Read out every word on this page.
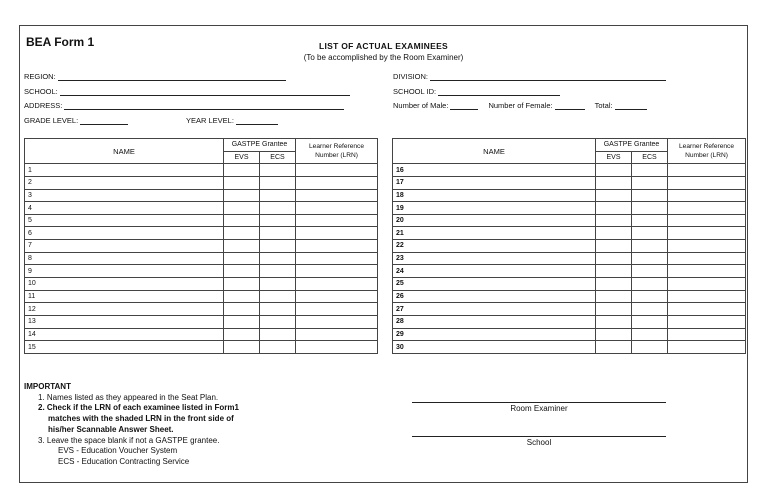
BEA Form 1	LIST OF ACTUAL EXAMINEES
(To be accomplished by the Room Examiner)
REGION:
SCHOOL:
ADDRESS:
GRADE LEVEL:	YEAR LEVEL:
DIVISION:
SCHOOL ID:
Number of Male:	Number of Female:	Total:
NAME	GASTPE Grantee		Learner Reference Number (LRN)
	EVS	ECS	
1			
2			
3			
4			
5			
6			
7			
8			
9			
10			
11			
12			
13			
14			
15			
NAME	GASTPE Grantee		Learner Reference Number (LRN)
	EVS	ECS	
16			
17			
18			
19			
20			
21			
22			
23			
24			
25			
26			
27			
28			
29			
30			
IMPORTANT
1. Names listed as they appeared in the Seat Plan.
2. Check if the LRN of each examinee listed in Form1
matches with the shaded LRN in the front side of
his/her Scannable Answer Sheet.
3. Leave the space blank if not a GASTPE grantee.
EVS - Education Voucher System
ECS - Education Contracting Service
Room Examiner
School
